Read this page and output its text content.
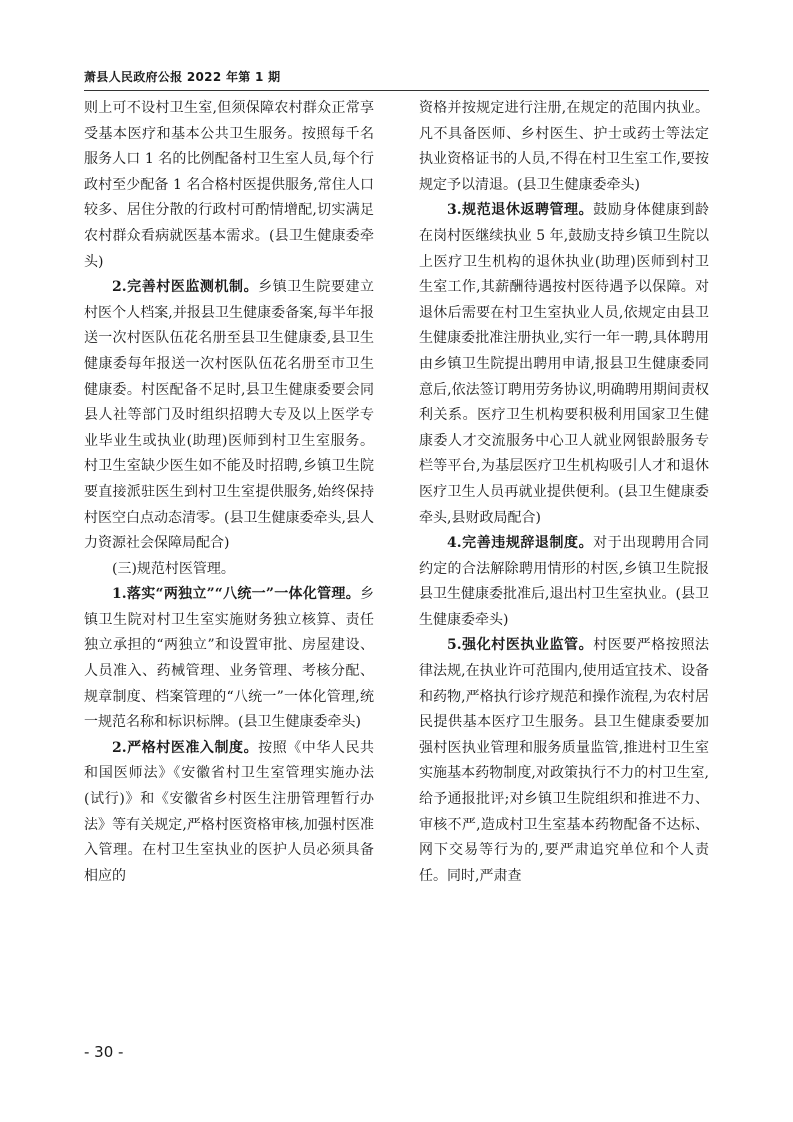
萧县人民政府公报 2022 年第 1 期

则上可不设村卫生室,但须保障农村群众正常享受基本医疗和基本公共卫生服务。按照每千名服务人口 1 名的比例配备村卫生室人员,每个行政村至少配备 1 名合格村医提供服务,常住人口较多、居住分散的行政村可酌情增配,切实满足农村群众看病就医基本需求。(县卫生健康委牵头)

2.完善村医监测机制。乡镇卫生院要建立村医个人档案,并报县卫生健康委备案,每半年报送一次村医队伍花名册至县卫生健康委,县卫生健康委每年报送一次村医队伍花名册至市卫生健康委。村医配备不足时,县卫生健康委要会同县人社等部门及时组织招聘大专及以上医学专业毕业生或执业(助理)医师到村卫生室服务。村卫生室缺少医生如不能及时招聘,乡镇卫生院要直接派驻医生到村卫生室提供服务,始终保持村医空白点动态清零。(县卫生健康委牵头,县人力资源社会保障局配合)

(三)规范村医管理。

1.落实“两独立”“八统一”一体化管理。乡镇卫生院对村卫生室实施财务独立核算、责任独立承担的“两独立”和设置审批、房屋建设、人员准入、药械管理、业务管理、考核分配、规章制度、档案管理的“八统一”一体化管理,统一规范名称和标识标牌。(县卫生健康委牵头)

2.严格村医准入制度。按照《中华人民共和国医师法》《安徽省村卫生室管理实施办法(试行)》和《安徽省乡村医生注册管理暂行办法》等有关规定,严格村医资格审核,加强村医准入管理。在村卫生室执业的医护人员必须具备相应的

资格并按规定进行注册,在规定的范围内执业。凡不具备医师、乡村医生、护士或药士等法定执业资格证书的人员,不得在村卫生室工作,要按规定予以清退。(县卫生健康委牵头)

3.规范退休返聘管理。鼓励身体健康到龄在岗村医继续执业 5 年,鼓励支持乡镇卫生院以上医疗卫生机构的退休执业(助理)医师到村卫生室工作,其薪酬待遇按村医待遇予以保障。对退休后需要在村卫生室执业人员,依规定由县卫生健康委批准注册执业,实行一年一聘,具体聘用由乡镇卫生院提出聘用申请,报县卫生健康委同意后,依法签订聘用劳务协议,明确聘用期间责权利关系。医疗卫生机构要积极利用国家卫生健康委人才交流服务中心卫人就业网银龄服务专栏等平台,为基层医疗卫生机构吸引人才和退休医疗卫生人员再就业提供便利。(县卫生健康委牵头,县财政局配合)

4.完善违规辞退制度。对于出现聘用合同约定的合法解除聘用情形的村医,乡镇卫生院报县卫生健康委批准后,退出村卫生室执业。(县卫生健康委牵头)

5.强化村医执业监管。村医要严格按照法律法规,在执业许可范围内,使用适宜技术、设备和药物,严格执行诊疗规范和操作流程,为农村居民提供基本医疗卫生服务。县卫生健康委要加强村医执业管理和服务质量监管,推进村卫生室实施基本药物制度,对政策执行不力的村卫生室,给予通报批评;对乡镇卫生院组织和推进不力、审核不严,造成村卫生室基本药物配备不达标、网下交易等行为的,要严肃追究单位和个人责任。同时,严肃查

- 30 -
